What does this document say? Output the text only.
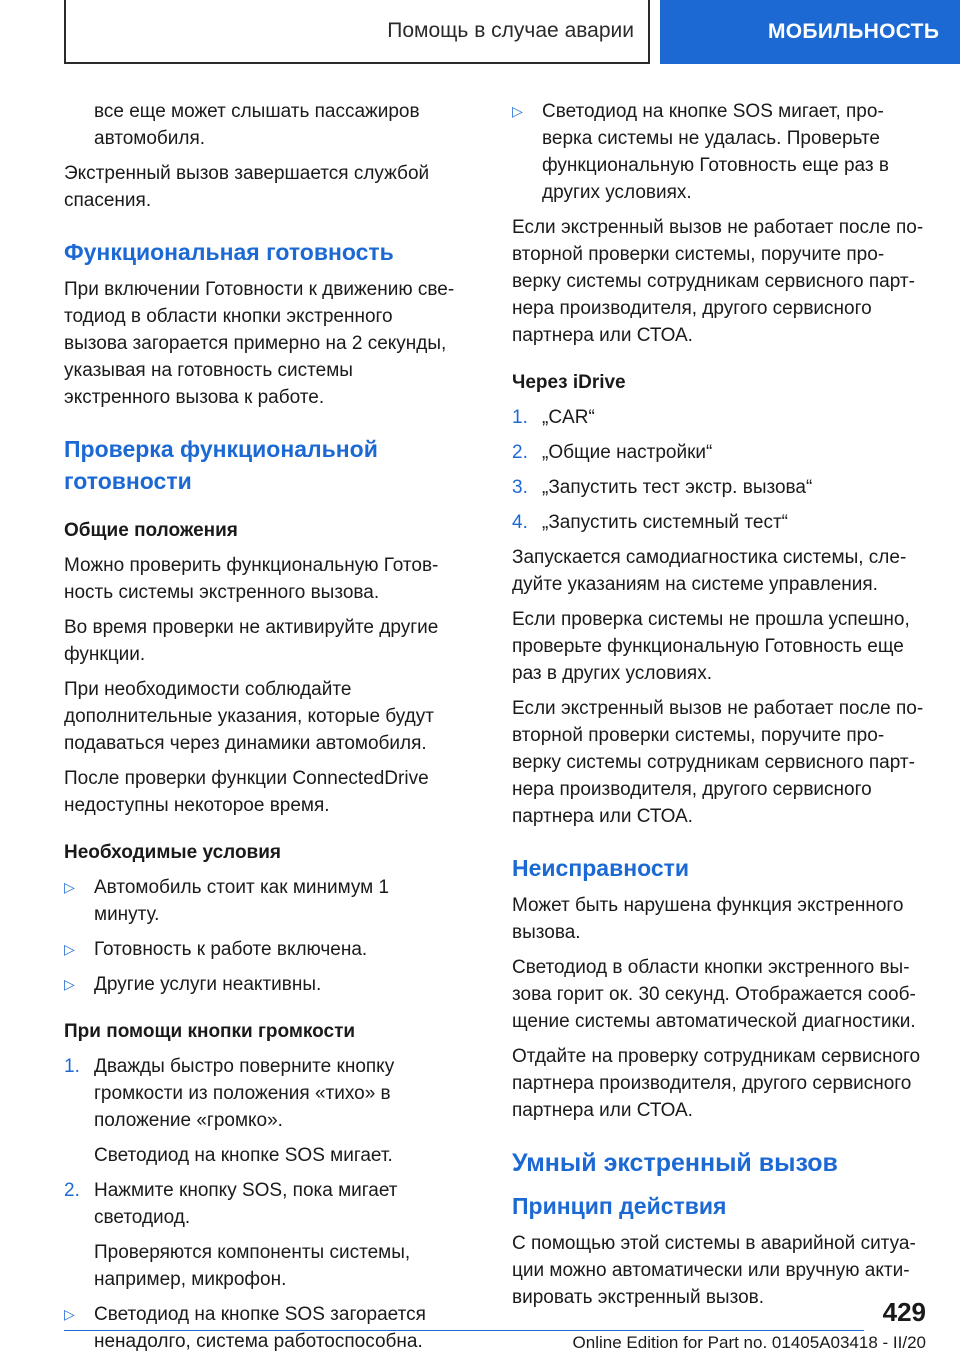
Помощь в случае аварии	МОБИЛЬНОСТЬ

все еще может слышать пассажиров автомобиля.

Экстренный вызов завершается службой спасения.

Функциональная готовность

При включении Готовности к движению светодиод в области кнопки экстренного вызова загорается примерно на 2 секунды, указывая на готовность системы экстренного вызова к работе.

Проверка функциональной готовности
Общие положения

Можно проверить функциональную Готовность системы экстренного вызова.

Во время проверки не активируйте другие функции.

При необходимости соблюдайте дополнительные указания, которые будут подаваться через динамики автомобиля.

После проверки функции ConnectedDrive недоступны некоторое время.

Необходимые условия
▷ Автомобиль стоит как минимум 1 минуту.
▷ Готовность к работе включена.
▷ Другие услуги неактивны.
При помощи кнопки громкости
1. Дважды быстро поверните кнопку громкости из положения «тихо» в положение «громко».

Светодиод на кнопке SOS мигает.

2. Нажмите кнопку SOS, пока мигает светодиод.

Проверяются компоненты системы, например, микрофон.

▷ Светодиод на кнопке SOS загорается ненадолго, система работоспособна.
▷ Светодиод на кнопке SOS мигает, проверка системы не удалась. Проверьте функциональную Готовность еще раз в других условиях.

Если экстренный вызов не работает после повторной проверки системы, поручите проверку системы сотрудникам сервисного партнера производителя, другого сервисного партнера или СТОА.

Через iDrive
1. „CAR“
2. „Общие настройки“
3. „Запустить тест экстр. вызова“
4. „Запустить системный тест“

Запускается самодиагностика системы, следуйте указаниям на системе управления.

Если проверка системы не прошла успешно, проверьте функциональную Готовность еще раз в других условиях.

Если экстренный вызов не работает после повторной проверки системы, поручите проверку системы сотрудникам сервисного партнера производителя, другого сервисного партнера или СТОА.

Неисправности

Может быть нарушена функция экстренного вызова.

Светодиод в области кнопки экстренного вызова горит ок. 30 секунд. Отображается сообщение системы автоматической диагностики.

Отдайте на проверку сотрудникам сервисного партнера производителя, другого сервисного партнера или СТОА.

Умный экстренный вызов
Принцип действия

С помощью этой системы в аварийной ситуации можно автоматически или вручную активировать экстренный вызов.	429
Online Edition for Part no. 01405A03418 - II/20
